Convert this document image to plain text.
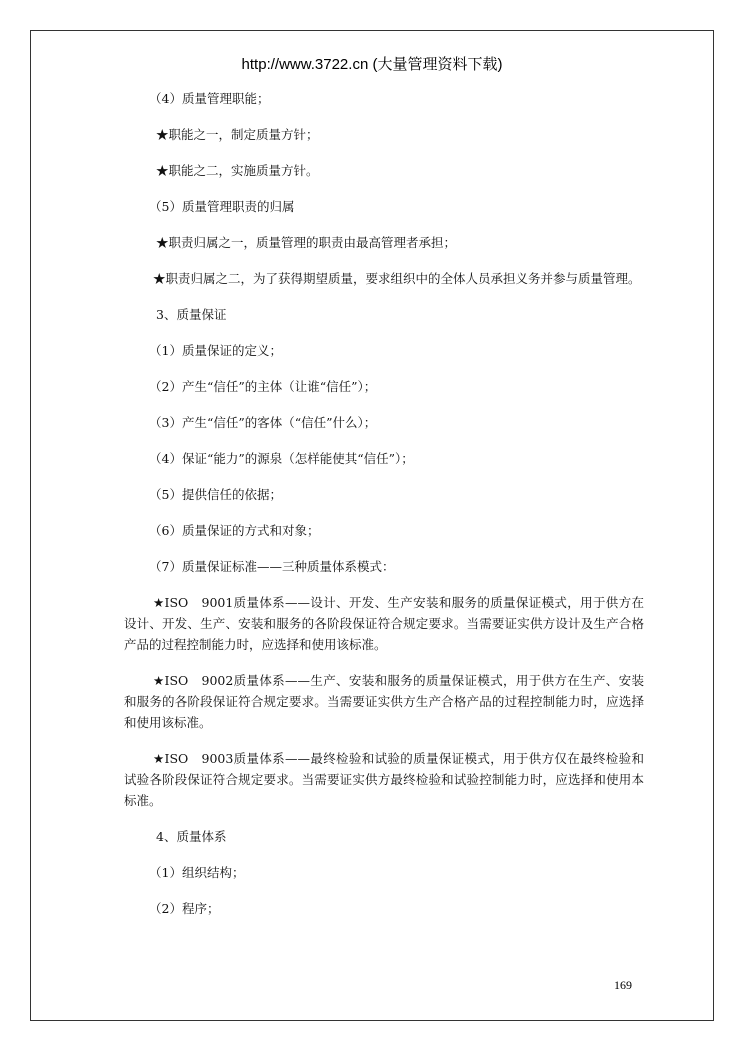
http://www.3722.cn (大量管理资料下载)

（4）质量管理职能；

★职能之一，制定质量方针；

★职能之二，实施质量方针。

（5）质量管理职责的归属

★职责归属之一，质量管理的职责由最高管理者承担；

★职责归属之二，为了获得期望质量，要求组织中的全体人员承担义务并参与质量管理。

3、质量保证

（1）质量保证的定义；

（2）产生“信任”的主体（让谁“信任”）；

（3）产生“信任”的客体（“信任”什么）；

（4）保证“能力”的源泉（怎样能使其“信任”）；

（5）提供信任的依据；

（6）质量保证的方式和对象；

（7）质量保证标准——三种质量体系模式：

★ISO　9001质量体系——设计、开发、生产安装和服务的质量保证模式，用于供方在设计、开发、生产、安装和服务的各阶段保证符合规定要求。当需要证实供方设计及生产合格产品的过程控制能力时，应选择和使用该标准。

★ISO　9002质量体系——生产、安装和服务的质量保证模式，用于供方在生产、安装和服务的各阶段保证符合规定要求。当需要证实供方生产合格产品的过程控制能力时，应选择和使用该标准。

★ISO　9003质量体系——最终检验和试验的质量保证模式，用于供方仅在最终检验和试验各阶段保证符合规定要求。当需要证实供方最终检验和试验控制能力时，应选择和使用本标准。

4、质量体系

（1）组织结构；

（2）程序；

169
